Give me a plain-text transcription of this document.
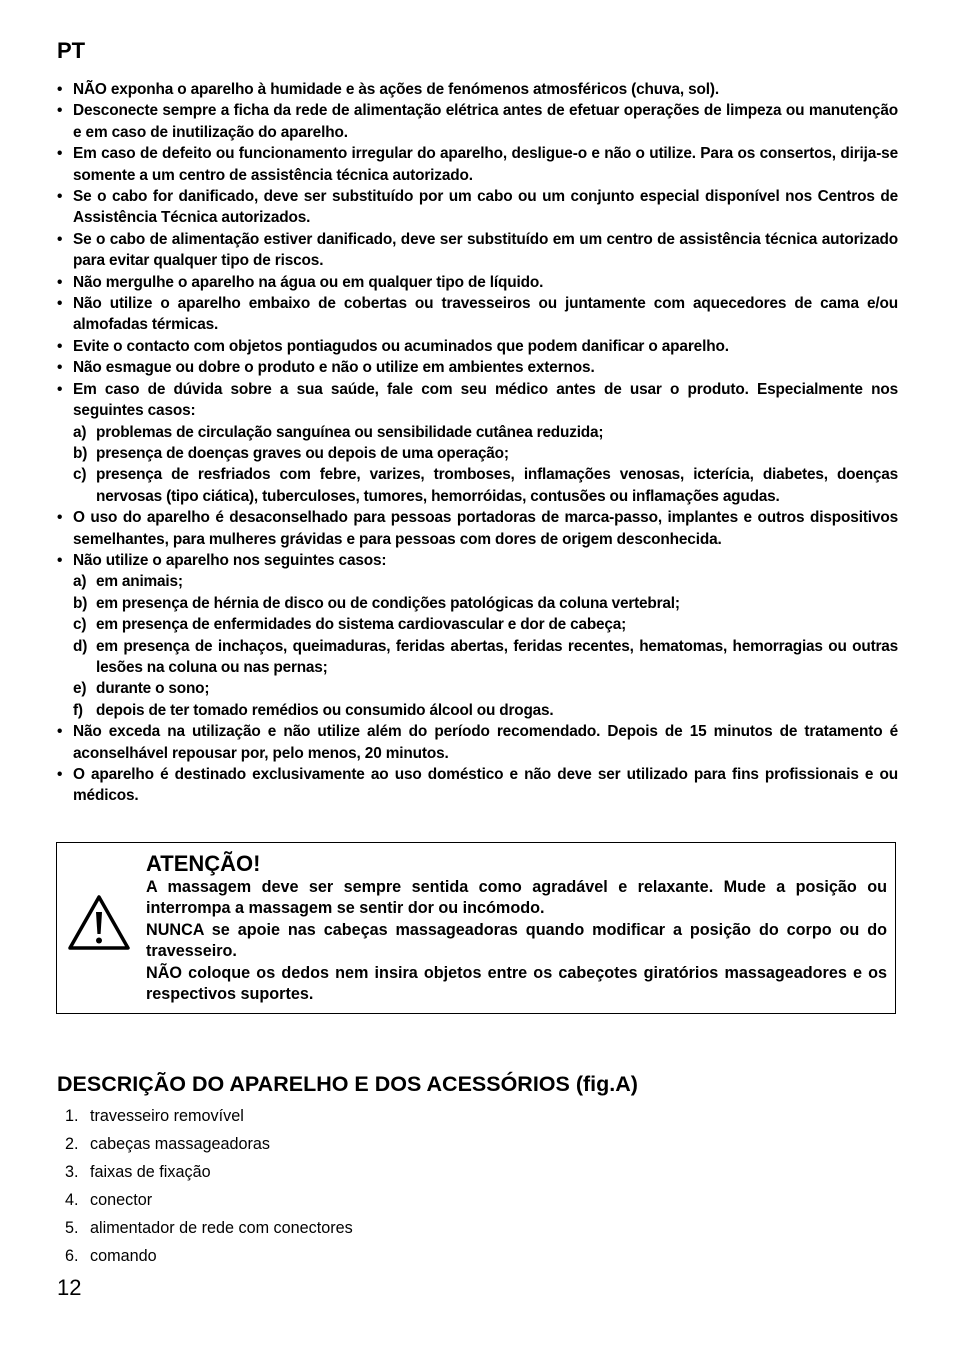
PT
• NÃO exponha o aparelho à humidade e às ações de fenómenos atmosféricos (chuva, sol).
• Desconecte sempre a ficha da rede de alimentação elétrica antes de efetuar operações de limpeza ou manutenção e em caso de inutilização do aparelho.
• Em caso de defeito ou funcionamento irregular do aparelho, desligue-o e não o utilize. Para os consertos, dirija-se somente a um centro de assistência técnica autorizado.
• Se o cabo for danificado, deve ser substituído por um cabo ou um conjunto especial disponível nos Centros de Assistência Técnica autorizados.
• Se o cabo de alimentação estiver danificado, deve ser substituído em um centro de assistência técnica autorizado para evitar qualquer tipo de riscos.
• Não mergulhe o aparelho na água ou em qualquer tipo de líquido.
• Não utilize o aparelho embaixo de cobertas ou travesseiros ou juntamente com aquecedores de cama e/ou almofadas térmicas.
• Evite o contacto com objetos pontiagudos ou acuminados que podem danificar o aparelho.
• Não esmague ou dobre o produto e não o utilize em ambientes externos.
• Em caso de dúvida sobre a sua saúde, fale com seu médico antes de usar o produto. Especialmente nos seguintes casos:
a) problemas de circulação sanguínea ou sensibilidade cutânea reduzida;
b) presença de doenças graves ou depois de uma operação;
c) presença de resfriados com febre, varizes, tromboses, inflamações venosas, icterícia, diabetes, doenças nervosas (tipo ciática), tuberculoses, tumores, hemorróidas, contusões ou inflamações agudas.
• O uso do aparelho é desaconselhado para pessoas portadoras de marca-passo, implantes e outros dispositivos semelhantes, para mulheres grávidas e para pessoas com dores de origem desconhecida.
• Não utilize o aparelho nos seguintes casos:
a) em animais;
b) em presença de hérnia de disco ou de condições patológicas da coluna vertebral;
c) em presença de enfermidades do sistema cardiovascular e dor de cabeça;
d) em presença de inchaços, queimaduras, feridas abertas, feridas recentes, hematomas, hemorragias ou outras lesões na coluna ou nas pernas;
e) durante o sono;
f) depois de ter tomado remédios ou consumido álcool ou drogas.
• Não exceda na utilização e não utilize além do período recomendado. Depois de 15 minutos de tratamento é aconselhável repousar por, pelo menos, 20 minutos.
• O aparelho é destinado exclusivamente ao uso doméstico e não deve ser utilizado para fins profissionais e ou médicos.
ATENÇÃO!

A massagem deve ser sempre sentida como agradável e relaxante. Mude a posição ou interrompa a massagem se sentir dor ou incómodo.

NUNCA se apoie nas cabeças massageadoras quando modificar a posição do corpo ou do travesseiro.

NÃO coloque os dedos nem insira objetos entre os cabeçotes giratórios massageadores e os respectivos suportes.

DESCRIÇÃO DO APARELHO E DOS ACESSÓRIOS (fig.A)
1. travesseiro removível
2. cabeças massageadoras
3. faixas de fixação
4. conector
5. alimentador de rede com conectores
6. comando
12
